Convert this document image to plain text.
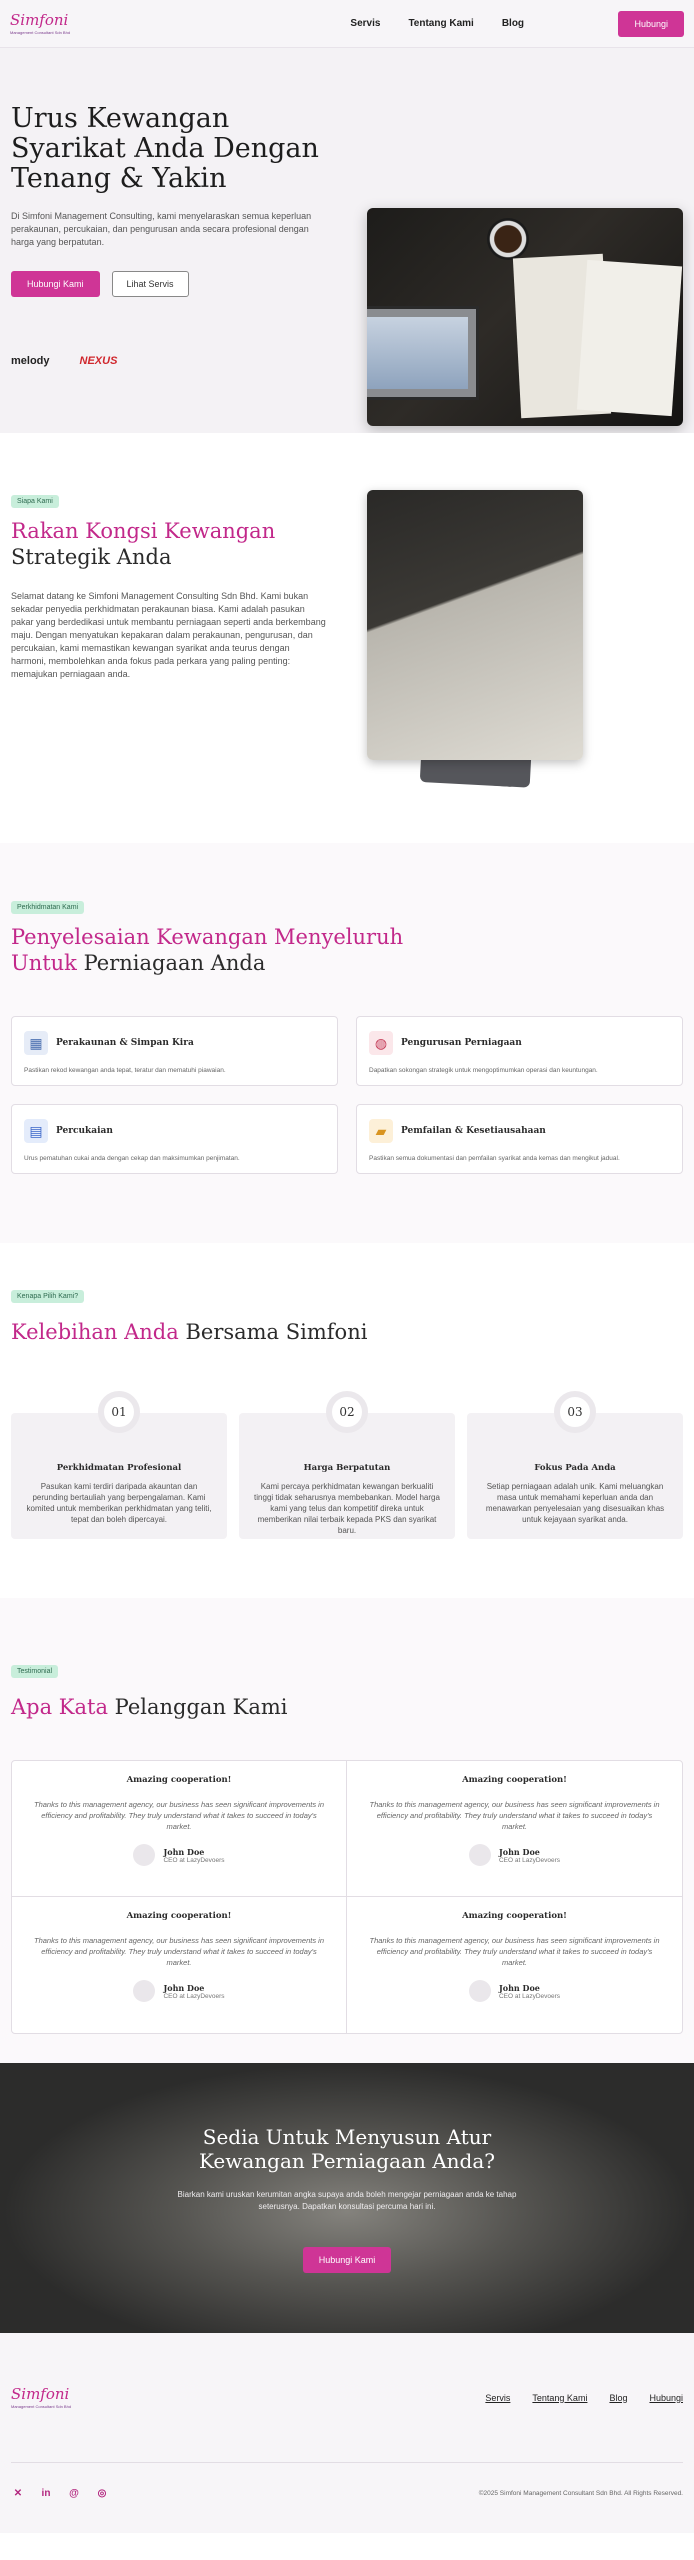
Simfoni
Management Consultant Sdn Bhd
Servis	Tentang Kami	Blog	Hubungi
Urus Kewangan Syarikat Anda Dengan Tenang & Yakin

Di Simfoni Management Consulting, kami menyelaraskan semua keperluan perakaunan, percukaian, dan pengurusan anda secara profesional dengan harga yang berpatutan.

Hubungi Kami	Lihat Servis
melody	NEXUS
Siapa Kami
Rakan Kongsi Kewangan
Strategik Anda

Selamat datang ke Simfoni Management Consulting Sdn Bhd. Kami bukan sekadar penyedia perkhidmatan perakaunan biasa. Kami adalah pasukan pakar yang berdedikasi untuk membantu perniagaan seperti anda berkembang maju. Dengan menyatukan kepakaran dalam perakaunan, pengurusan, dan percukaian, kami memastikan kewangan syarikat anda teurus dengan harmoni, membolehkan anda fokus pada perkara yang paling penting: memajukan perniagaan anda.

Perkhidmatan Kami
Penyelesaian Kewangan Menyeluruh
Untuk Perniagaan Anda
▦	Perakaunan & Simpan Kira
Pastikan rekod kewangan anda tepat, teratur dan mematuhi piawaian.
◍	Pengurusan Perniagaan
Dapatkan sokongan strategik untuk mengoptimumkan operasi dan keuntungan.
▤	Percukaian
Urus pematuhan cukai anda dengan cekap dan maksimumkan penjimatan.
▰	Pemfailan & Kesetiausahaan
Pastikan semua dokumentasi dan pemfailan syarikat anda kemas dan mengikut jadual.
Kenapa Pilih Kami?
Kelebihan Anda Bersama Simfoni
01
Perkhidmatan Profesional
Pasukan kami terdiri daripada akauntan dan perunding bertauliah yang berpengalaman. Kami komited untuk memberikan perkhidmatan yang teliti, tepat dan boleh dipercayai.
02
Harga Berpatutan
Kami percaya perkhidmatan kewangan berkualiti tinggi tidak seharusnya membebankan. Model harga kami yang telus dan kompetitif direka untuk memberikan nilai terbaik kepada PKS dan syarikat baru.
03
Fokus Pada Anda
Setiap perniagaan adalah unik. Kami meluangkan masa untuk memahami keperluan anda dan menawarkan penyelesaian yang disesuaikan khas untuk kejayaan syarikat anda.
Testimonial
Apa Kata Pelanggan Kami
Amazing cooperation!
Thanks to this management agency, our business has seen significant improvements in efficiency and profitability. They truly understand what it takes to succeed in today's market.
John Doe
CEO at LazyDevoers
Amazing cooperation!
Thanks to this management agency, our business has seen significant improvements in efficiency and profitability. They truly understand what it takes to succeed in today's market.
John Doe
CEO at LazyDevoers
Amazing cooperation!
Thanks to this management agency, our business has seen significant improvements in efficiency and profitability. They truly understand what it takes to succeed in today's market.
John Doe
CEO at LazyDevoers
Amazing cooperation!
Thanks to this management agency, our business has seen significant improvements in efficiency and profitability. They truly understand what it takes to succeed in today's market.
John Doe
CEO at LazyDevoers
Sedia Untuk Menyusun Atur Kewangan Perniagaan Anda?

Biarkan kami uruskan kerumitan angka supaya anda boleh mengejar perniagaan anda ke tahap seterusnya. Dapatkan konsultasi percuma hari ini.

Hubungi Kami
Simfoni
Management Consultant Sdn Bhd
Servis Tentang Kami Blog Hubungi
✕ in @ ◎	©2025 Simfoni Management Consultant Sdn Bhd. All Rights Reserved.
